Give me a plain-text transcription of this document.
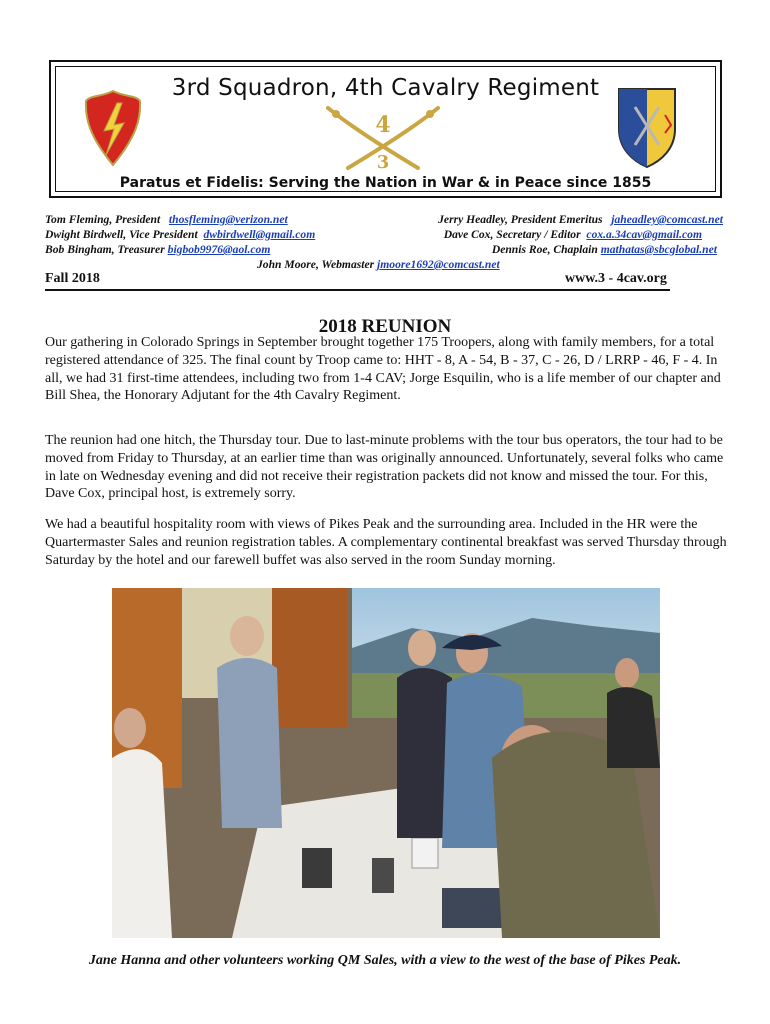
3rd Squadron, 4th Cavalry Regiment
4
3
Paratus et Fidelis: Serving the Nation in War & in Peace since 1855
Tom Fleming, President thosfleming@verizon.net
Dwight Birdwell, Vice President dwbirdwell@gmail.com
Bob Bingham, Treasurer bigbob9976@aol.com
Jerry Headley, President Emeritus jaheadley@comcast.net
Dave Cox, Secretary / Editor cox.a.34cav@gmail.com
Dennis Roe, Chaplain mathatas@sbcglobal.net
John Moore, Webmaster jmoore1692@comcast.net
Fall 2018	www.3 - 4cav.org
2018 REUNION

Our gathering in Colorado Springs in September brought together 175 Troopers, along with family members, for a total registered attendance of 325. The final count by Troop came to: HHT - 8, A - 54, B - 37, C - 26, D / LRRP - 46, F - 4. In all, we had 31 first-time attendees, including two from 1-4 CAV; Jorge Esquilin, who is a life member of our chapter and Bill Shea, the Honorary Adjutant for the 4th Cavalry Regiment.

The reunion had one hitch, the Thursday tour. Due to last-minute problems with the tour bus operators, the tour had to be moved from Friday to Thursday, at an earlier time than was originally announced. Unfortunately, several folks who came in late on Wednesday evening and did not receive their registration packets did not know and missed the tour. For this, Dave Cox, principal host, is extremely sorry.

We had a beautiful hospitality room with views of Pikes Peak and the surrounding area. Included in the HR were the Quartermaster Sales and reunion registration tables. A complementary continental breakfast was served Thursday through Saturday by the hotel and our farewell buffet was also served in the room Sunday morning.

Jane Hanna and other volunteers working QM Sales, with a view to the west of the base of Pikes Peak.
